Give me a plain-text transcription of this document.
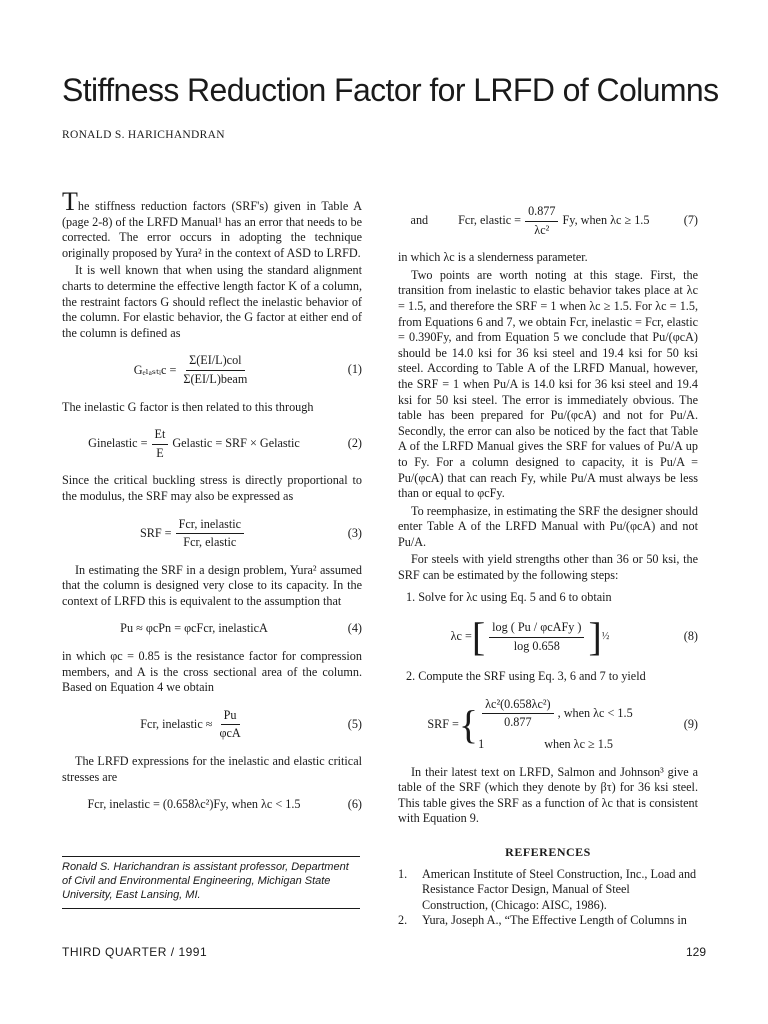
Stiffness Reduction Factor for LRFD of Columns
RONALD S. HARICHANDRAN

The stiffness reduction factors (SRF's) given in Table A (page 2-8) of the LRFD Manual¹ has an error that needs to be corrected. The error occurs in adopting the technique originally proposed by Yura² in the context of ASD to LRFD.

It is well known that when using the standard alignment charts to determine the effective length factor K of a column, the restraint factors G should reflect the inelastic behavior of the column. For elastic behavior, the G factor at either end of the column is defined as

Gₑₗₐₛₜᵢc = $\frac{\text{Σ(EI/L)col}}{\text{Σ(EI/L)beam}}$	(1)

The inelastic G factor is then related to this through

Ginelastic = $\frac{Et}{E}$ Gelastic = SRF × Gelastic	(2)

Since the critical buckling stress is directly proportional to the modulus, the SRF may also be expressed as

SRF = $\frac{\text{Fcr, inelastic}}{\text{Fcr, elastic}}$	(3)

In estimating the SRF in a design problem, Yura² assumed that the column is designed very close to its capacity. In the context of LRFD this is equivalent to the assumption that

Pu ≈ φcPn = φcFcr, inelasticA	(4)

in which φc = 0.85 is the resistance factor for compression members, and A is the cross sectional area of the column. Based on Equation 4 we obtain

Fcr, inelastic ≈ $\frac{Pu}{\text{φcA}}$	(5)

The LRFD expressions for the inelastic and elastic critical stresses are

Fcr, inelastic = (0.658λc²)Fy, when λc < 1.5	(6)
Ronald S. Harichandran is assistant professor, Department of Civil and Environmental Engineering, Michigan State University, East Lansing, MI.
and Fcr, elastic = $\frac{0.877}{\text{λc²}} Fy$, when λc ≥ 1.5	(7)

in which λc is a slenderness parameter.

Two points are worth noting at this stage. First, the transition from inelastic to elastic behavior takes place at λc = 1.5, and therefore the SRF = 1 when λc ≥ 1.5. For λc = 1.5, from Equations 6 and 7, we obtain Fcr, inelastic = Fcr, elastic = 0.390Fy, and from Equation 5 we conclude that Pu/(φcA) should be 14.0 ksi for 36 ksi steel and 19.4 ksi for 50 ksi steel. According to Table A of the LRFD Manual, however, the SRF = 1 when Pu/A is 14.0 ksi for 36 ksi steel and 19.4 ksi for 50 ksi steel. The error is immediately obvious. The table has been prepared for Pu/(φcA) and not for Pu/A. Secondly, the error can also be noticed by the fact that Table A of the LRFD Manual gives the SRF for values of Pu/A up to Fy. For a column designed to capacity, it is Pu/A = Pu/(φcA) that can reach Fy, while Pu/A must always be less than or equal to φcFy.

To reemphasize, in estimating the SRF the designer should enter Table A of the LRFD Manual with Pu/(φcA) and not Pu/A.

For steels with yield strengths other than 36 or 50 ksi, the SRF can be estimated by the following steps:

1. Solve for λc using Eq. 5 and 6 to obtain
λc = [ $\frac{\text{log ( Pu / φcAFy )}}{\log 0.658}$ ] ½	(8)
2. Compute the SRF using Eq. 3, 6 and 7 to yield
SRF = { $\frac{\text{λc²(0.658λc²)}}{0.877}$ , when λc < 1.5
1	when λc ≥ 1.5
(9)

In their latest text on LRFD, Salmon and Johnson³ give a table of the SRF (which they denote by βτ) for 36 ksi steel. This table gives the SRF as a function of λc that is consistent with Equation 9.

REFERENCES
1.	American Institute of Steel Construction, Inc., Load and Resistance Factor Design, Manual of Steel Construction, (Chicago: AISC, 1986).
2.	Yura, Joseph A., “The Effective Length of Columns in
THIRD QUARTER / 1991	129
